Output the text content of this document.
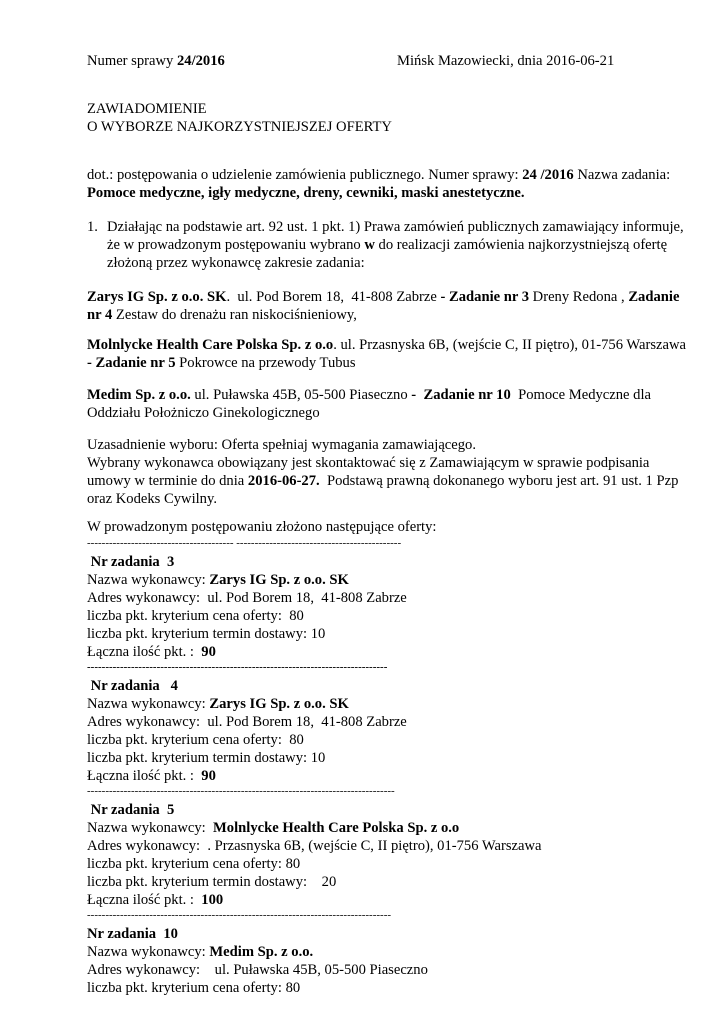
Numer sprawy 24/2016	Mińsk Mazowiecki, dnia 2016-06-21
ZAWIADOMIENIE
O WYBORZE NAJKORZYSTNIEJSZEJ OFERTY
dot.: postępowania o udzielenie zamówienia publicznego. Numer sprawy: 24 /2016 Nazwa zadania:
Pomoce medyczne, igły medyczne, dreny, cewniki, maski anestetyczne.
1. Działając na podstawie art. 92 ust. 1 pkt. 1) Prawa zamówień publicznych zamawiający informuje,
że w prowadzonym postępowaniu wybrano w do realizacji zamówienia najkorzystniejszą ofertę
złożoną przez wykonawcę zakresie zadania:
Zarys IG Sp. z o.o. SK.  ul. Pod Borem 18,  41-808 Zabrze - Zadanie nr 3 Dreny Redona , Zadanie
nr 4 Zestaw do drenażu ran niskociśnieniowy,
Molnlycke Health Care Polska Sp. z o.o. ul. Przasnyska 6B, (wejście C, II piętro), 01-756 Warszawa
- Zadanie nr 5 Pokrowce na przewody Tubus
Medim Sp. z o.o. ul. Puławska 45B, 05-500 Piaseczno -  Zadanie nr 10  Pomoce Medyczne dla
Oddziału Położniczo Ginekologicznego
Uzasadnienie wyboru: Oferta spełniaj wymagania zamawiającego.
Wybrany wykonawca obowiązany jest skontaktować się z Zamawiającym w sprawie podpisania
umowy w terminie do dnia 2016-06-27.  Podstawą prawną dokonanego wyboru jest art. 91 ust. 1 Pzp
oraz Kodeks Cywilny.
W prowadzonym postępowaniu złożono następujące oferty:
---------------------------------------- ---------------------------------------------
Nr zadania  3
Nazwa wykonawcy: Zarys IG Sp. z o.o. SK
Adres wykonawcy:  ul. Pod Borem 18,  41-808 Zabrze
liczba pkt. kryterium cena oferty:  80
liczba pkt. kryterium termin dostawy: 10
Łączna ilość pkt. :  90
----------------------------------------------------------------------------------
Nr zadania   4
Nazwa wykonawcy: Zarys IG Sp. z o.o. SK
Adres wykonawcy:  ul. Pod Borem 18,  41-808 Zabrze
liczba pkt. kryterium cena oferty:  80
liczba pkt. kryterium termin dostawy: 10
Łączna ilość pkt. :  90
------------------------------------------------------------------------------------
Nr zadania  5
Nazwa wykonawcy:  Molnlycke Health Care Polska Sp. z o.o
Adres wykonawcy:  . Przasnyska 6B, (wejście C, II piętro), 01-756 Warszawa
liczba pkt. kryterium cena oferty: 80
liczba pkt. kryterium termin dostawy:    20
Łączna ilość pkt. :  100
-----------------------------------------------------------------------------------
Nr zadania  10
Nazwa wykonawcy: Medim Sp. z o.o.
Adres wykonawcy:    ul. Puławska 45B, 05-500 Piaseczno
liczba pkt. kryterium cena oferty: 80
